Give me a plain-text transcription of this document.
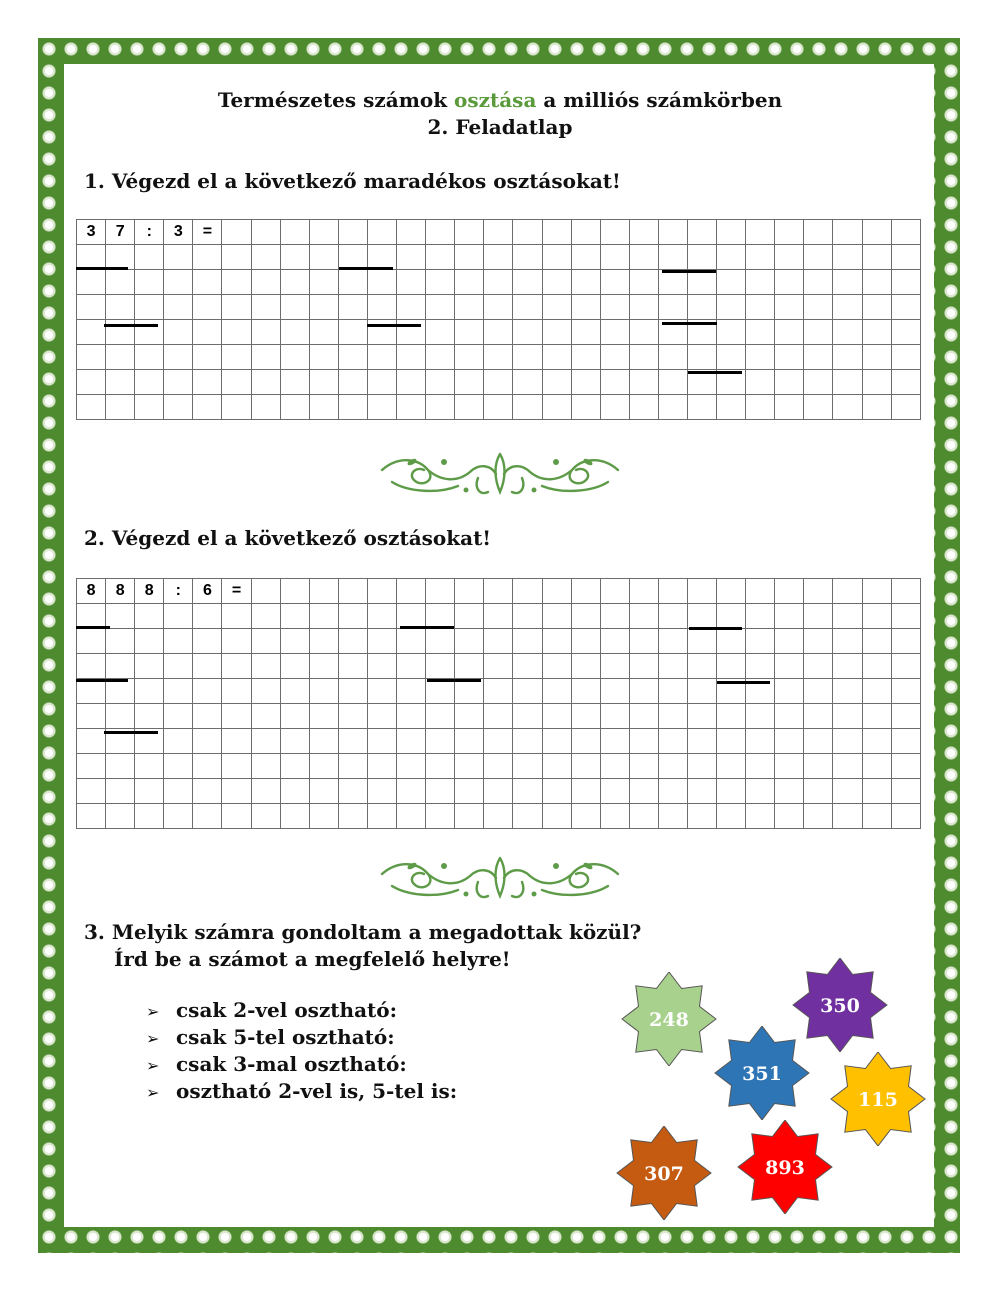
Természetes számok osztása a milliós számkörben
2. Feladatlap
1. Végezd el a következő maradékos osztásokat!
3	7	:	3	=																								

2. Végezd el a következő osztásokat!
8	8	8	:	6	=																							

3. Melyik számra gondoltam a megadottak közül?
Írd be a számot a megfelelő helyre!
➢ csak 2-vel osztható:
➢ csak 5-tel osztható:
➢ csak 3-mal osztható:
➢ osztható 2-vel is, 5-tel is:
248
350
351
115
307	893
